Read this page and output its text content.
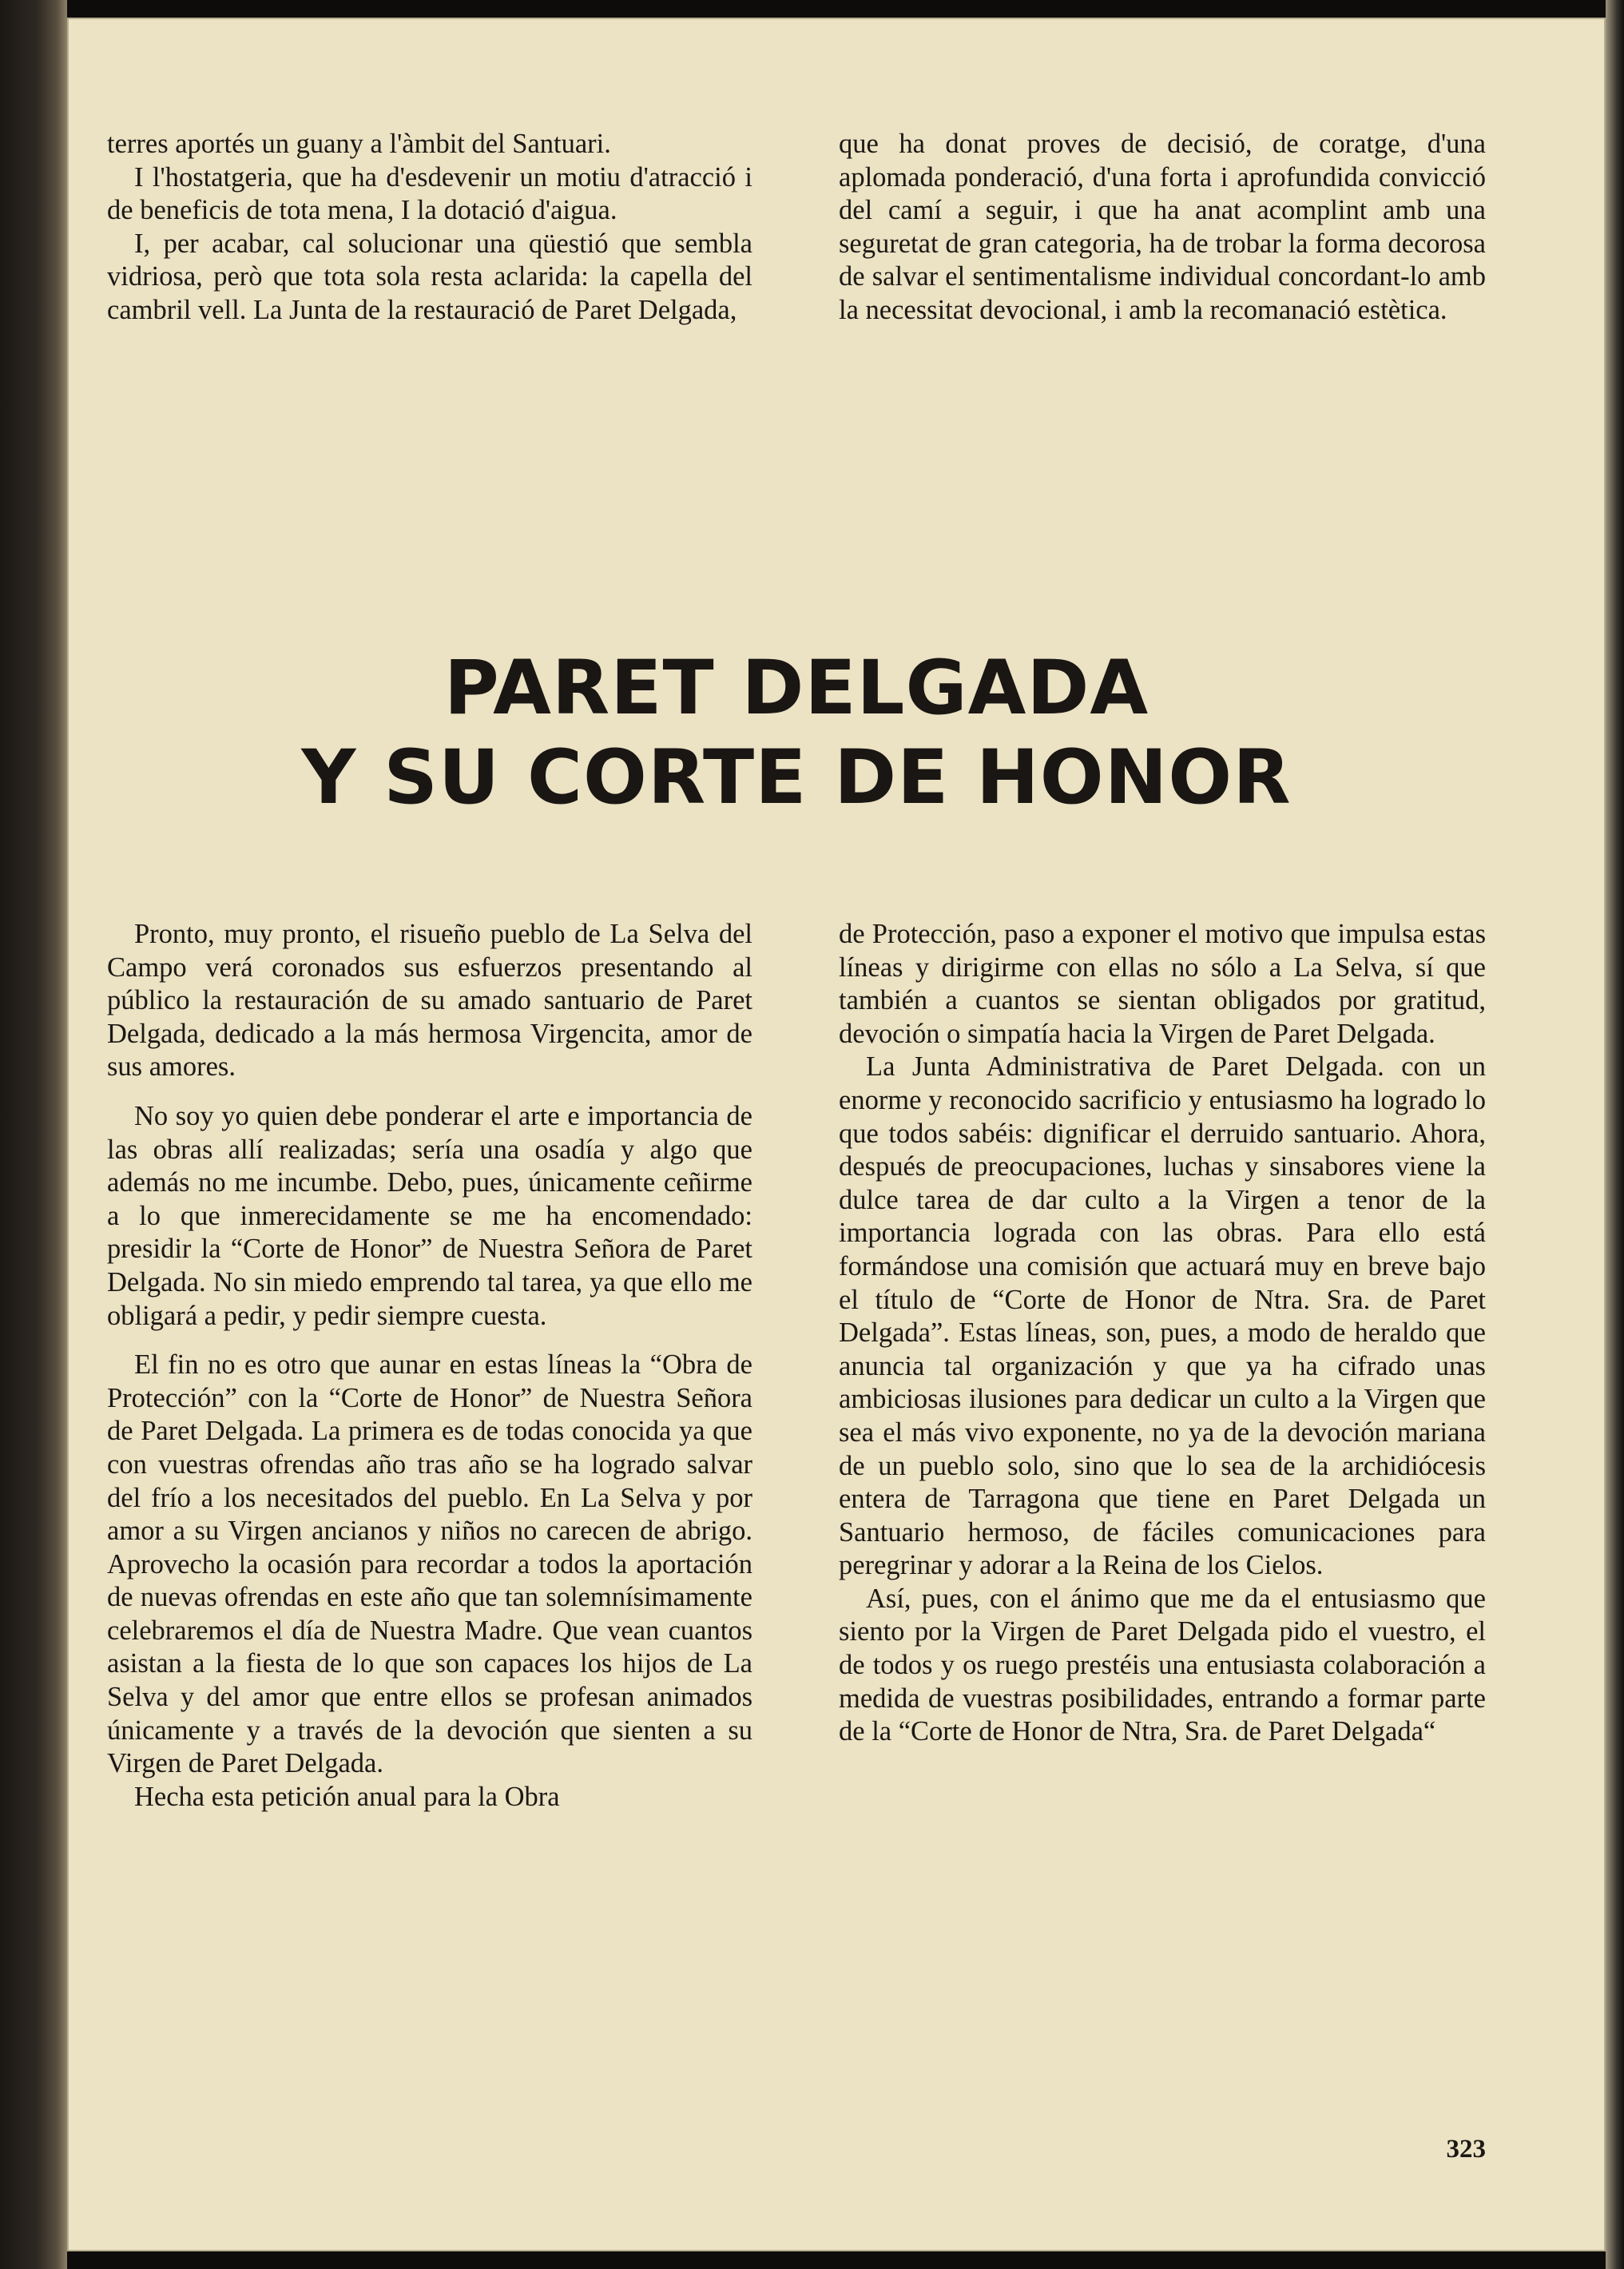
terres aportés un guany a l'àmbit del Santuari.

I l'hostatgeria, que ha d'esdevenir un motiu d'atracció i de beneficis de tota mena, I la dotació d'aigua.

I, per acabar, cal solucionar una qüestió que sembla vidriosa, però que tota sola resta aclarida: la capella del cambril vell. La Junta de la restauració de Paret Delgada,

que ha donat proves de decisió, de coratge, d'una aplomada ponderació, d'una forta i aprofundida convicció del camí a seguir, i que ha anat acomplint amb una seguretat de gran categoria, ha de trobar la forma decorosa de salvar el sentimentalisme individual concordant-lo amb la necessitat devocional, i amb la recomanació estètica.

PARET DELGADA
Y SU CORTE DE HONOR

Pronto, muy pronto, el risueño pueblo de La Selva del Campo verá coronados sus esfuerzos presentando al público la restauración de su amado santuario de Paret Delgada, dedicado a la más hermosa Virgencita, amor de sus amores.

No soy yo quien debe ponderar el arte e importancia de las obras allí realizadas; sería una osadía y algo que además no me incumbe. Debo, pues, únicamente ceñirme a lo que inmerecidamente se me ha encomendado: presidir la “Corte de Honor” de Nuestra Señora de Paret Delgada. No sin miedo emprendo tal tarea, ya que ello me obligará a pedir, y pedir siempre cuesta.

El fin no es otro que aunar en estas líneas la “Obra de Protección” con la “Corte de Honor” de Nuestra Señora de Paret Delgada. La primera es de todas conocida ya que con vuestras ofrendas año tras año se ha logrado salvar del frío a los necesitados del pueblo. En La Selva y por amor a su Virgen ancianos y niños no carecen de abrigo. Aprovecho la ocasión para recordar a todos la aportación de nuevas ofrendas en este año que tan solemnísimamente celebraremos el día de Nuestra Madre. Que vean cuantos asistan a la fiesta de lo que son capaces los hijos de La Selva y del amor que entre ellos se profesan animados únicamente y a través de la devoción que sienten a su Virgen de Paret Delgada.

Hecha esta petición anual para la Obra

de Protección, paso a exponer el motivo que impulsa estas líneas y dirigirme con ellas no sólo a La Selva, sí que también a cuantos se sientan obligados por gratitud, devoción o simpatía hacia la Virgen de Paret Delgada.

La Junta Administrativa de Paret Delgada. con un enorme y reconocido sacrificio y entusiasmo ha logrado lo que todos sabéis: dignificar el derruido santuario. Ahora, después de preocupaciones, luchas y sinsabores viene la dulce tarea de dar culto a la Virgen a tenor de la importancia lograda con las obras. Para ello está formándose una comisión que actuará muy en breve bajo el título de “Corte de Honor de Ntra. Sra. de Paret Delgada”. Estas líneas, son, pues, a modo de heraldo que anuncia tal organización y que ya ha cifrado unas ambiciosas ilusiones para dedicar un culto a la Virgen que sea el más vivo exponente, no ya de la devoción mariana de un pueblo solo, sino que lo sea de la archidiócesis entera de Tarragona que tiene en Paret Delgada un Santuario hermoso, de fáciles comunicaciones para peregrinar y adorar a la Reina de los Cielos.

Así, pues, con el ánimo que me da el entusiasmo que siento por la Virgen de Paret Delgada pido el vuestro, el de todos y os ruego prestéis una entusiasta colaboración a medida de vuestras posibilidades, entrando a formar parte de la “Corte de Honor de Ntra, Sra. de Paret Delgada“

323
